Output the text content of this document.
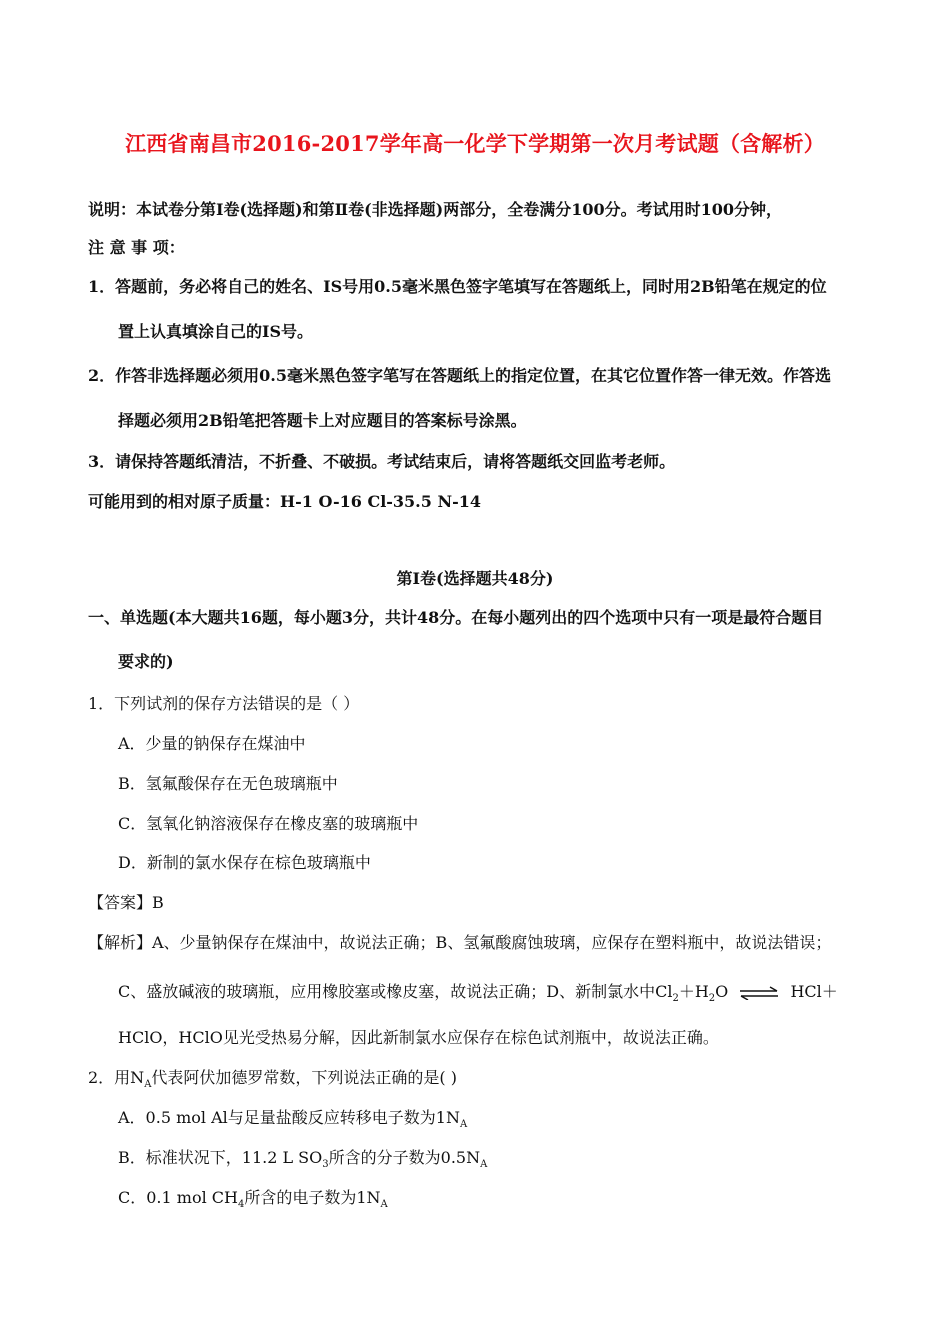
江西省南昌市2016-2017学年高一化学下学期第一次月考试题（含解析）
说明：本试卷分第Ⅰ卷(选择题)和第Ⅱ卷(非选择题)两部分，全卷满分100分。考试用时100分钟，
注 意 事 项：
1．答题前，务必将自己的姓名、IS号用0.5毫米黑色签字笔填写在答题纸上，同时用2B铅笔在规定的位
置上认真填涂自己的IS号。
2．作答非选择题必须用0.5毫米黑色签字笔写在答题纸上的指定位置，在其它位置作答一律无效。作答选
择题必须用2B铅笔把答题卡上对应题目的答案标号涂黑。
3．请保持答题纸清洁，不折叠、不破损。考试结束后，请将答题纸交回监考老师。
可能用到的相对原子质量：H-1 O-16 Cl-35.5 N-14
第Ⅰ卷(选择题共48分)
一、单选题(本大题共16题，每小题3分，共计48分。在每小题列出的四个选项中只有一项是最符合题目
要求的)
1．下列试剂的保存方法错误的是（ ）
A．少量的钠保存在煤油中
B．氢氟酸保存在无色玻璃瓶中
C．氢氧化钠溶液保存在橡皮塞的玻璃瓶中
D．新制的氯水保存在棕色玻璃瓶中
【答案】B
【解析】A、少量钠保存在煤油中，故说法正确；B、氢氟酸腐蚀玻璃，应保存在塑料瓶中，故说法错误；
C、盛放碱液的玻璃瓶，应用橡胶塞或橡皮塞，故说法正确；D、新制氯水中$Cl_2+H_2O$ ⇌ HCl＋
HClO，HClO见光受热易分解，因此新制氯水应保存在棕色试剂瓶中，故说法正确。
2．用$N_A$代表阿伏加德罗常数，下列说法正确的是( )
A．0.5 mol Al与足量盐酸反应转移电子数为$1N_A$
B．标准状况下，11.2 L $SO_3$所含的分子数为$0.5N_A$
C．0.1 mol $CH_4$所含的电子数为$1N_A$
